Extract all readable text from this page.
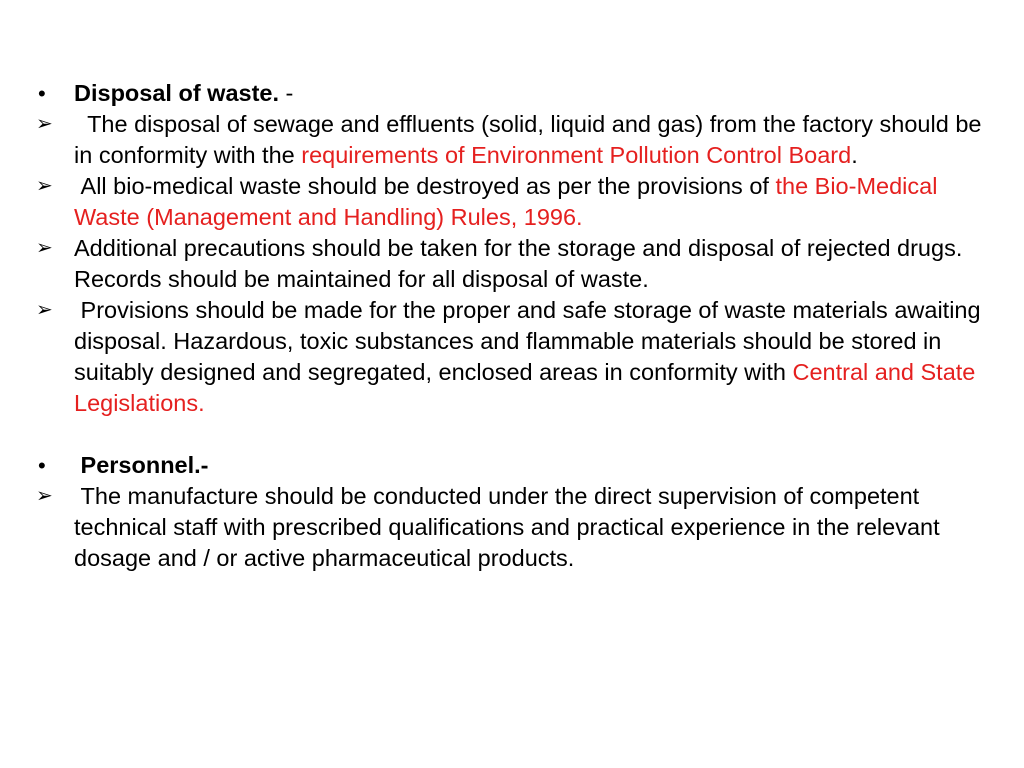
•	Disposal of waste. -

➢ The disposal of sewage and effluents (solid, liquid and gas) from the factory should be in conformity with the requirements of Environment Pollution Control Board.

➢ All bio-medical waste should be destroyed as per the provisions of the Bio-Medical Waste (Management and Handling) Rules, 1996.

➢ Additional precautions should be taken for the storage and disposal of rejected drugs. Records should be maintained for all disposal of waste.

➢ Provisions should be made for the proper and safe storage of waste materials awaiting disposal. Hazardous, toxic substances and flammable materials should be stored in suitably designed and segregated, enclosed areas in conformity with Central and State Legislations.

•	Personnel.-

➢ The manufacture should be conducted under the direct supervision of competent technical staff with prescribed qualifications and practical experience in the relevant dosage and / or active pharmaceutical products.
